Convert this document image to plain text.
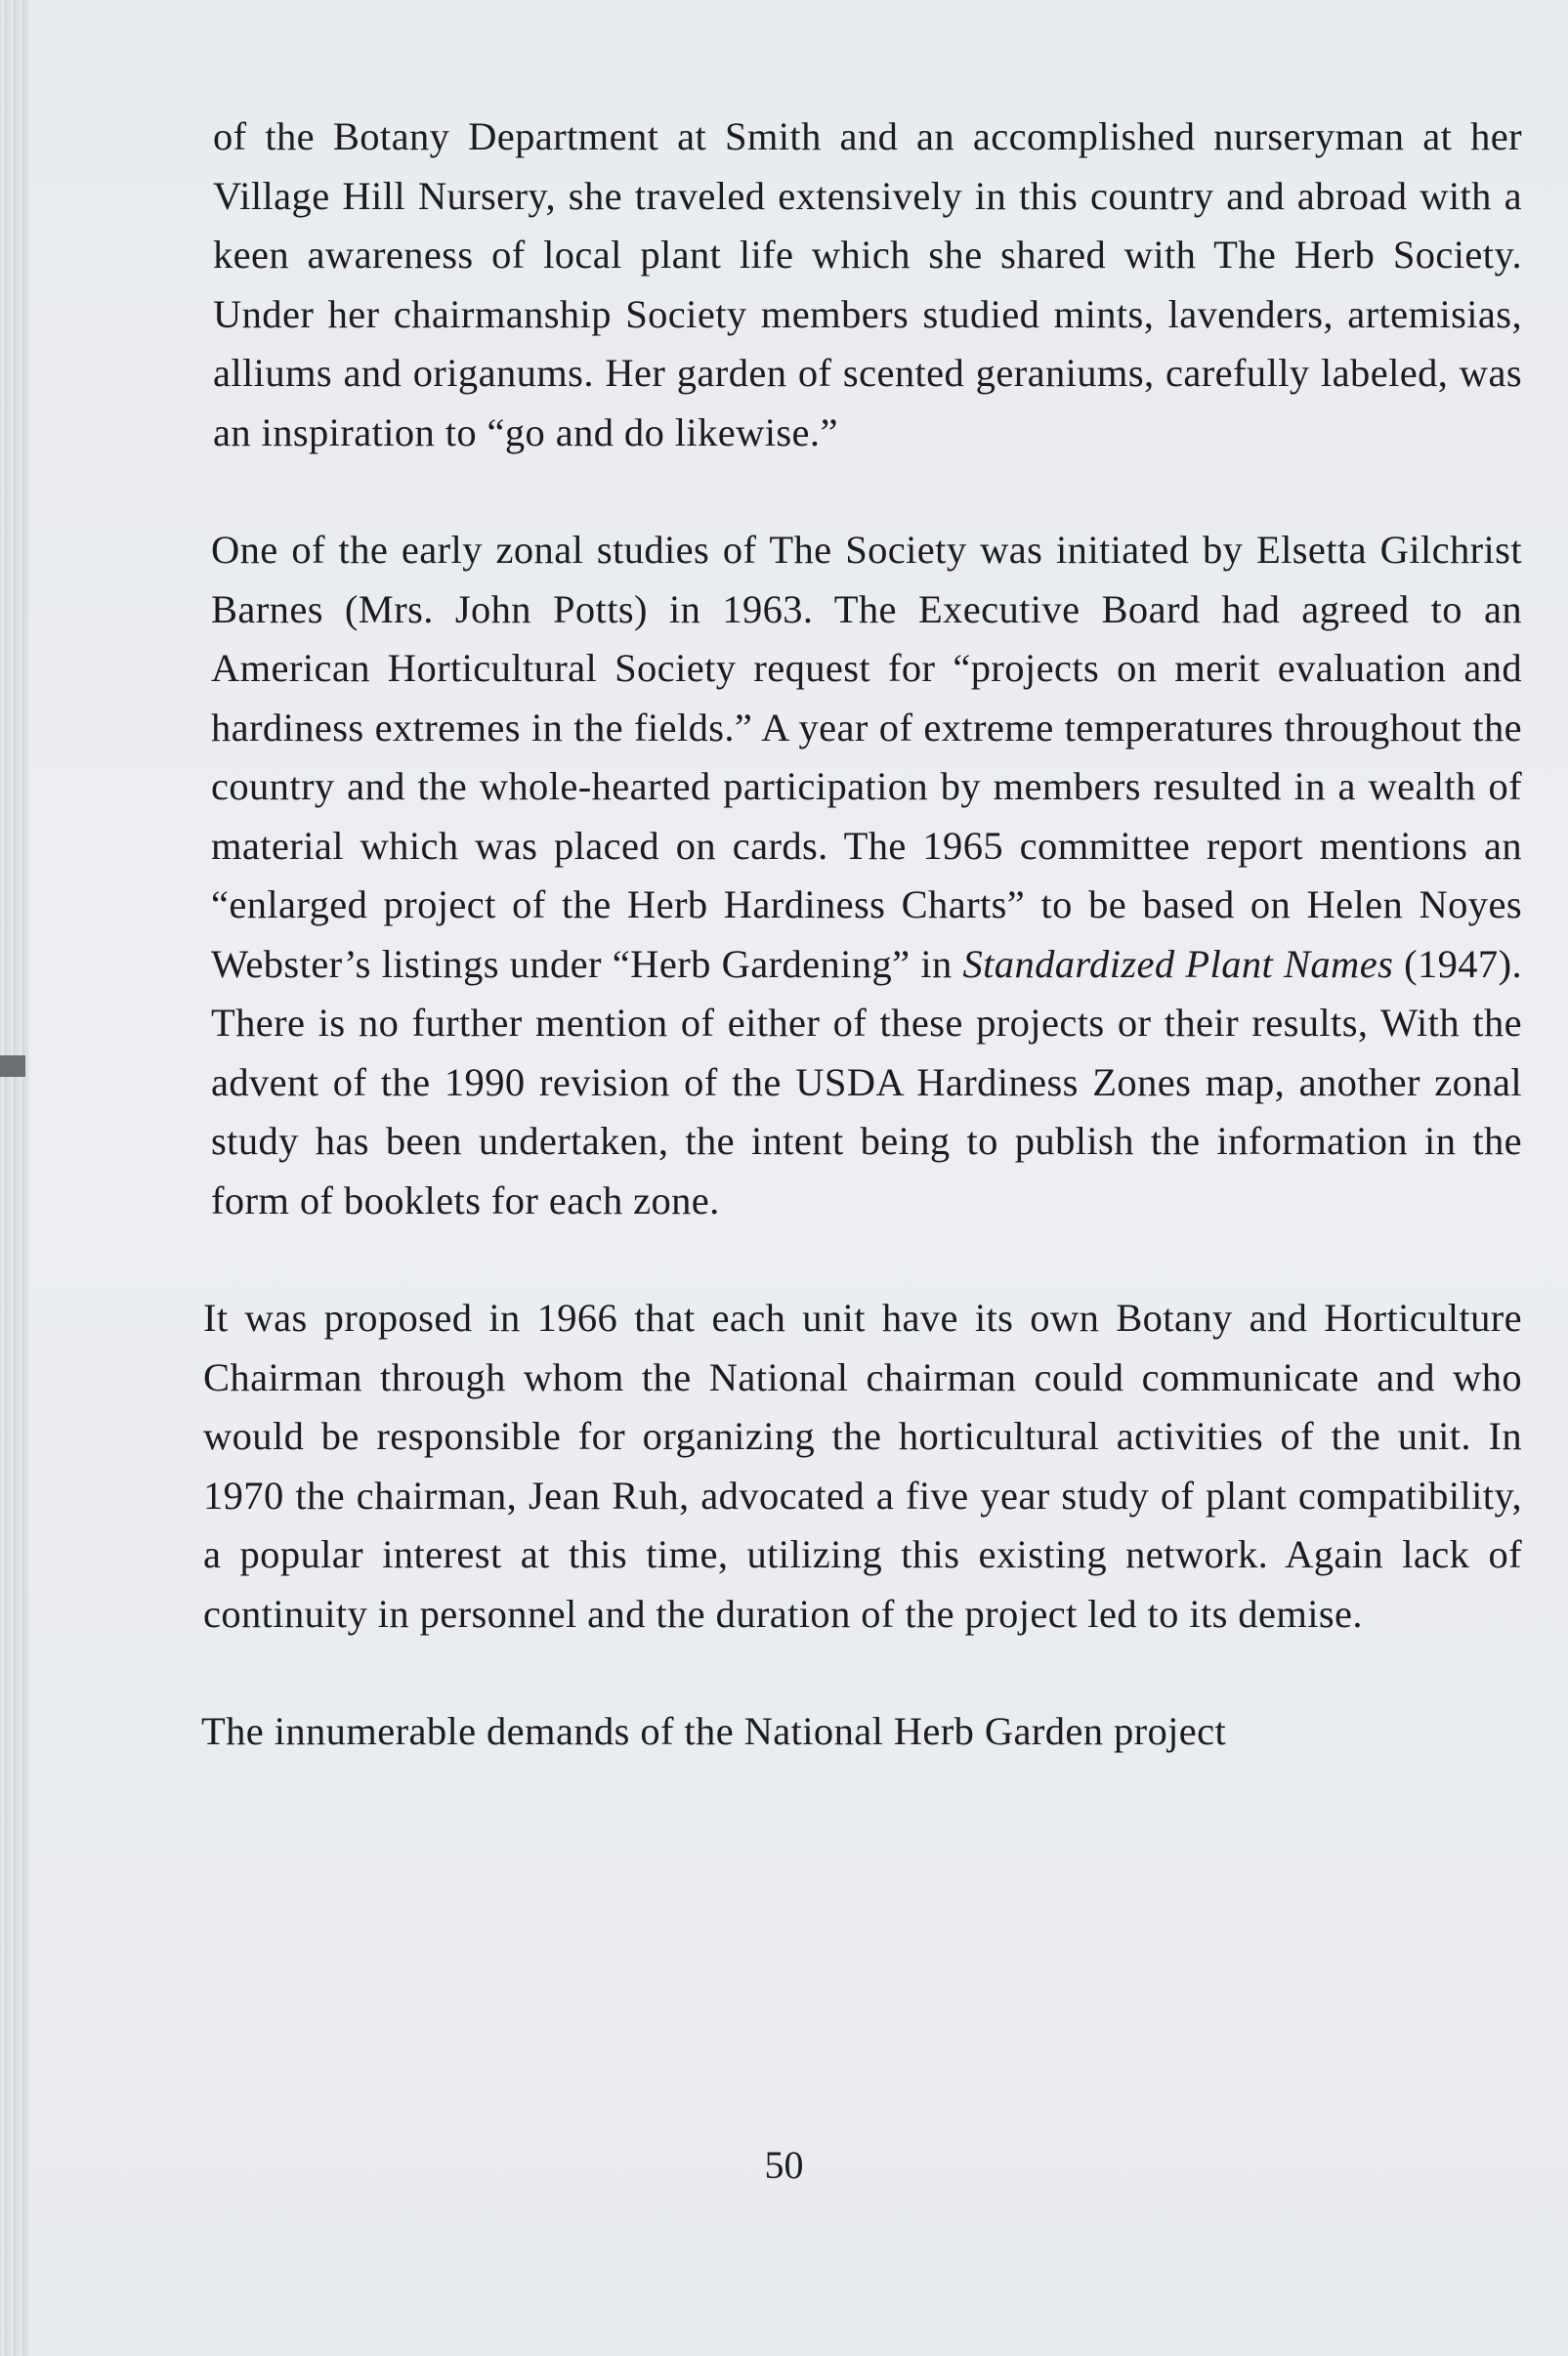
of the Botany Department at Smith and an accomplished nurseryman at her Village Hill Nursery, she traveled extensively in this country and abroad with a keen awareness of local plant life which she shared with The Herb Society. Under her chairmanship Society members studied mints, lavenders, artemisias, alliums and origanums. Her garden of scented geraniums, carefully labeled, was an inspiration to “go and do likewise.”

One of the early zonal studies of The Society was initiated by Elsetta Gilchrist Barnes (Mrs. John Potts) in 1963. The Executive Board had agreed to an American Horticultural Society request for “projects on merit evaluation and hardiness extremes in the fields.” A year of extreme temperatures throughout the country and the whole-hearted participation by members resulted in a wealth of material which was placed on cards. The 1965 committee report mentions an “enlarged project of the Herb Hardiness Charts” to be based on Helen Noyes Webster’s listings under “Herb Gardening” in Standardized Plant Names (1947). There is no further mention of either of these projects or their results, With the advent of the 1990 revision of the USDA Hardiness Zones map, another zonal study has been undertaken, the intent being to publish the information in the form of booklets for each zone.

It was proposed in 1966 that each unit have its own Botany and Horticulture Chairman through whom the National chairman could communicate and who would be responsible for organizing the horticultural activities of the unit. In 1970 the chairman, Jean Ruh, advocated a five year study of plant compatibility, a popular interest at this time, utilizing this existing network. Again lack of continuity in personnel and the duration of the project led to its demise.

The innumerable demands of the National Herb Garden project

50
